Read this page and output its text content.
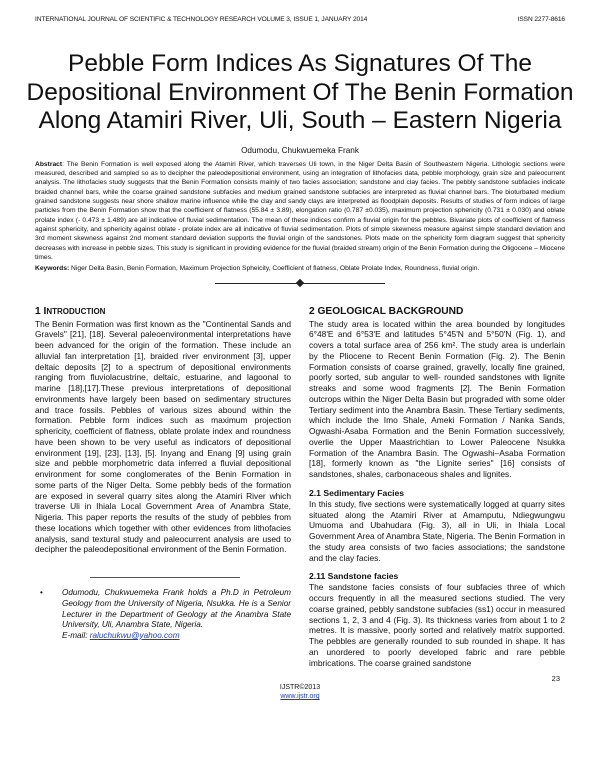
INTERNATIONAL JOURNAL OF SCIENTIFIC & TECHNOLOGY RESEARCH VOLUME 3, ISSUE 1, JANUARY 2014	ISSN 2277-8616
Pebble Form Indices As Signatures Of The
Depositional Environment Of The Benin Formation
Along Atamiri River, Uli, South – Eastern Nigeria
Odumodu, Chukwuemeka Frank
Abstract: The Benin Formation is well exposed along the Atamiri River, which traverses Uli town, in the Niger Delta Basin of Southeastern Nigeria. Lithologic sections were measured, described and sampled so as to decipher the paleodepositional environment, using an integration of lithofacies data, pebble morphology, grain size and paleocurrent analysis. The lithofacies study suggests that the Benin Formation consists mainly of two facies association; sandstone and clay facies. The pebbly sandstone subfacies indicate braided channel bars, while the coarse grained sandstone subfacies and medium grained sandstone subfacies are interpreted as fluvial channel bars. The bioturbated medium grained sandstone suggests near shore shallow marine influence while the clay and sandy clays are interpreted as floodplain deposits. Results of studies of form indices of large particles from the Benin Formation show that the coefficient of flatness (55.84 ± 3.89), elongation ratio (0.787 ±0.035), maximum projection sphericity (0.731 ± 0.030) and oblate prolate index (- 0.473 ± 1.489) are all indicative of fluvial sedimentation. The mean of these indices confirm a fluvial origin for the pebbles. Bivariate plots of coefficient of flatness against sphericity, and sphericity against oblate - prolate index are all indicative of fluvial sedimentation. Plots of simple skewness measure against simple standard deviation and 3rd moment skewness against 2nd moment standard deviation supports the fluvial origin of the sandstones. Plots made on the sphericity form diagram suggest that sphericity decreases with increase in pebble sizes. This study is significant in providing evidence for the fluvial (braided stream) origin of the Benin Formation during the Oligocene – Miocene times.
Keywords: Niger Delta Basin, Benin Formation, Maximum Projection Spheicity, Coefficient of flatness, Oblate Prolate Index, Roundness, fluvial origin.
1 INTRODUCTION

The Benin Formation was first known as the "Continental Sands and Gravels" [21], [18]. Several paleoenvironmental interpretations have been advanced for the origin of the formation. These include an alluvial fan interpretation [1], braided river environment [3], upper deltaic deposits [2] to a spectrum of depositional environments ranging from fluviolacustrine, deltaic, estuarine, and lagoonal to marine [18],[17].These previous interpretations of depositional environments have largely been based on sedimentary structures and trace fossils. Pebbles of various sizes abound within the formation. Pebble form indices such as maximum projection sphericity, coefficient of flatness, oblate prolate index and roundness have been shown to be very useful as indicators of depositional environment [19], [23], [13], [5]. Inyang and Enang [9] using grain size and pebble morphometric data inferred a fluvial depositional environment for some conglomerates of the Benin Formation in some parts of the Niger Delta. Some pebbly beds of the formation are exposed in several quarry sites along the Atamiri River which traverse Uli in Ihiala Local Government Area of Anambra State, Nigeria. This paper reports the results of the study of pebbles from these locations which together with other evidences from lithofacies analysis, sand textural study and paleocurrent analysis are used to decipher the paleodepositional environment of the Benin Formation.

•	Odumodu, Chukwuemeka Frank holds a Ph.D in Petroleum Geology from the University of Nigeria, Nsukka. He is a Senior Lecturer in the Department of Geology at the Anambra State University, Uli, Anambra State, Nigeria.
E-mail: raluchukwu@yahoo.com
2 GEOLOGICAL BACKGROUND

The study area is located within the area bounded by longitudes 6°48'E and 6°53'E and latitudes 5°45'N and 5°50'N (Fig. 1), and covers a total surface area of 256 km². The study area is underlain by the Pliocene to Recent Benin Formation (Fig. 2). The Benin Formation consists of coarse grained, gravelly, locally fine grained, poorly sorted, sub angular to well- rounded sandstones with lignite streaks and some wood fragments [2]. The Benin Formation outcrops within the Niger Delta Basin but prograded with some older Tertiary sediment into the Anambra Basin. These Tertiary sediments, which include the Imo Shale, Ameki Formation / Nanka Sands, Ogwashi-Asaba Formation and the Benin Formation successively, overlie the Upper Maastrichtian to Lower Paleocene Nsukka Formation of the Anambra Basin. The Ogwashi–Asaba Formation [18], formerly known as "the Lignite series" [16] consists of sandstones, shales, carbonaceous shales and lignites.

2.1 Sedimentary Facies

In this study, five sections were systematically logged at quarry sites situated along the Atamiri River at Amamputu, Ndiegwungwu Umuoma and Ubahudara (Fig. 3), all in Uli, in Ihiala Local Government Area of Anambra State, Nigeria. The Benin Formation in the study area consists of two facies associations; the sandstone and the clay facies.

2.11 Sandstone facies

The sandstone facies consists of four subfacies three of which occurs frequently in all the measured sections studied. The very coarse grained, pebbly sandstone subfacies (ss1) occur in measured sections 1, 2, 3 and 4 (Fig. 3). Its thickness varies from about 1 to 2 metres. It is massive, poorly sorted and relatively matrix supported. The pebbles are generally rounded to sub rounded in shape. It has an unordered to poorly developed fabric and rare pebble imbrications. The coarse grained sandstone

23
IJSTR©2013
www.ijstr.org
